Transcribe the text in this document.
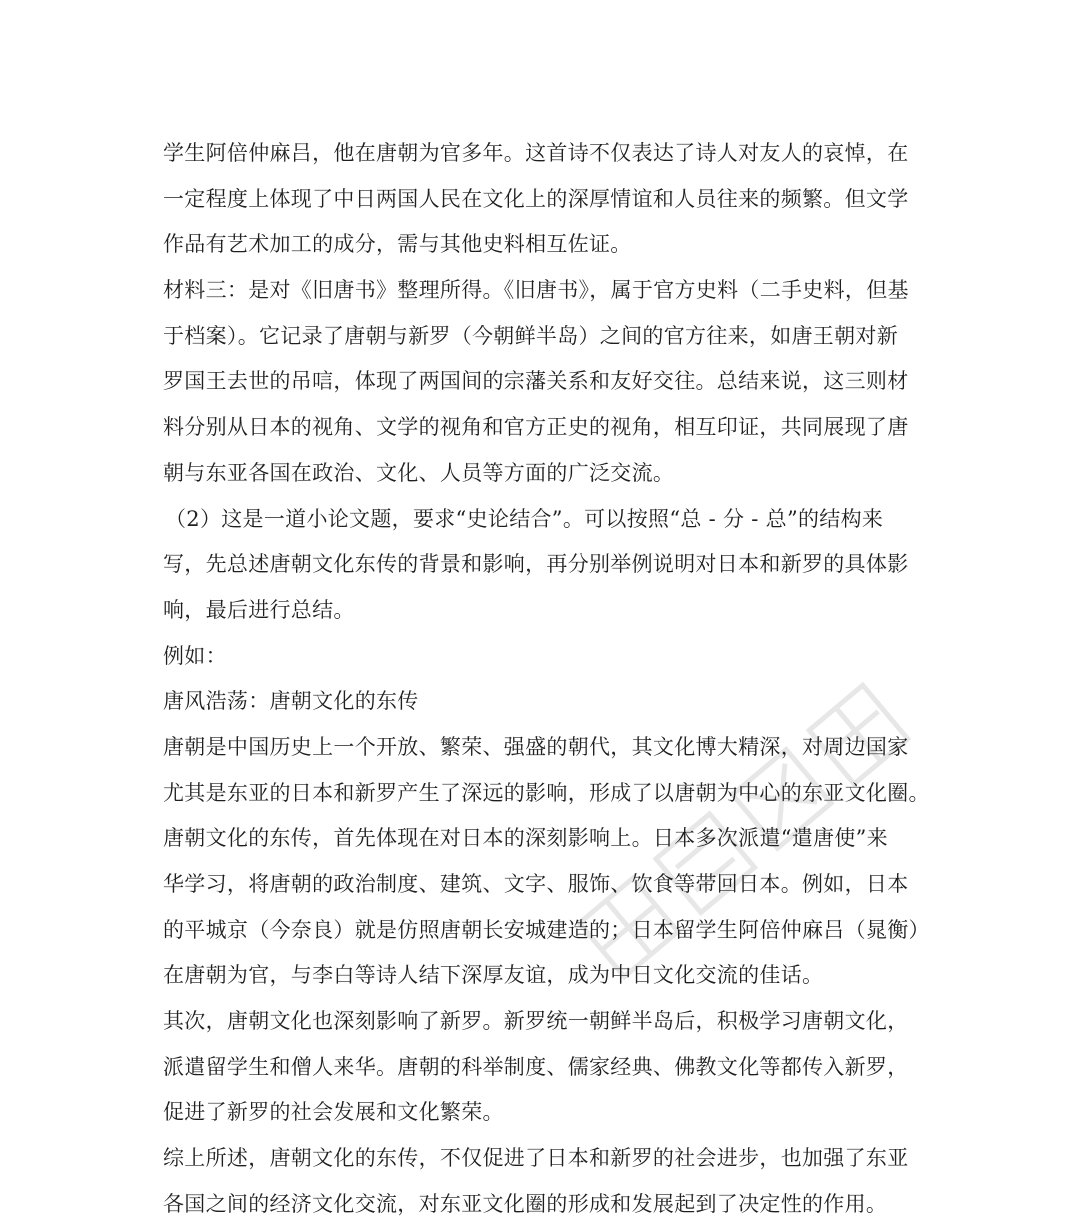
学生阿倍仲麻吕，他在唐朝为官多年。这首诗不仅表达了诗人对友人的哀悼，在
一定程度上体现了中日两国人民在文化上的深厚情谊和人员往来的频繁。但文学
作品有艺术加工的成分，需与其他史料相互佐证。
材料三：是对《旧唐书》整理所得。《旧唐书》，属于官方史料（二手史料，但基
于档案）。它记录了唐朝与新罗（今朝鲜半岛）之间的官方往来，如唐王朝对新
罗国王去世的吊唁，体现了两国间的宗藩关系和友好交往。总结来说，这三则材
料分别从日本的视角、文学的视角和官方正史的视角，相互印证，共同展现了唐
朝与东亚各国在政治、文化、人员等方面的广泛交流。
（2）这是一道小论文题，要求“史论结合”。可以按照“总 - 分 - 总”的结构来
写，先总述唐朝文化东传的背景和影响，再分别举例说明对日本和新罗的具体影
响，最后进行总结。
例如：
唐风浩荡：唐朝文化的东传
唐朝是中国历史上一个开放、繁荣、强盛的朝代，其文化博大精深，对周边国家
尤其是东亚的日本和新罗产生了深远的影响，形成了以唐朝为中心的东亚文化圈。
唐朝文化的东传，首先体现在对日本的深刻影响上。日本多次派遣“遣唐使”来
华学习，将唐朝的政治制度、建筑、文字、服饰、饮食等带回日本。例如，日本
的平城京（今奈良）就是仿照唐朝长安城建造的；日本留学生阿倍仲麻吕（晁衡）
在唐朝为官，与李白等诗人结下深厚友谊，成为中日文化交流的佳话。
其次，唐朝文化也深刻影响了新罗。新罗统一朝鲜半岛后，积极学习唐朝文化，
派遣留学生和僧人来华。唐朝的科举制度、儒家经典、佛教文化等都传入新罗，
促进了新罗的社会发展和文化繁荣。
综上所述，唐朝文化的东传，不仅促进了日本和新罗的社会进步，也加强了东亚
各国之间的经济文化交流，对东亚文化圈的形成和发展起到了决定性的作用。
